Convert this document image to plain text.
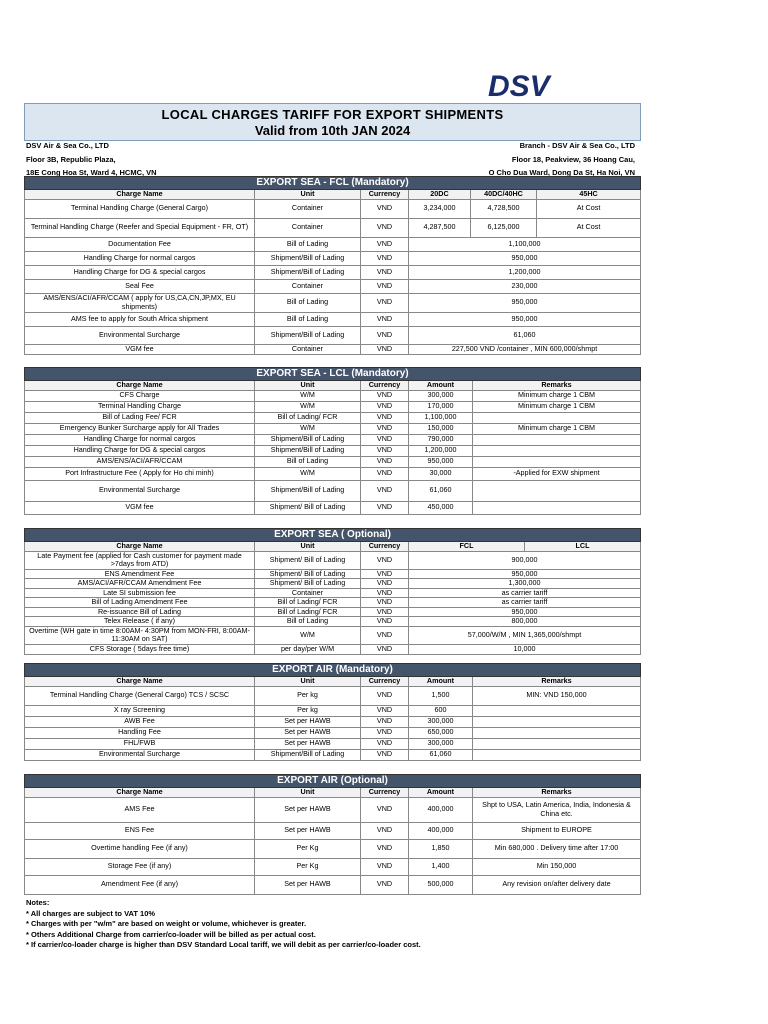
DSV
LOCAL CHARGES TARIFF FOR EXPORT SHIPMENTS
Valid from 10th JAN 2024
DSV Air & Sea Co., LTD
Floor 3B, Republic Plaza,
18E Cong Hoa St, Ward 4, HCMC, VN
Branch - DSV Air & Sea Co., LTD
Floor 18, Peakview, 36 Hoang Cau,
O Cho Dua Ward, Dong Da St, Ha Noi, VN
EXPORT SEA - FCL (Mandatory)					
Charge Name	Unit	Currency	20DC	40DC/40HC	45HC
Terminal Handling Charge (General Cargo)	Container	VND	3,234,000	4,728,500	At Cost
Terminal Handling Charge (Reefer and Special Equipment - FR, OT)	Container	VND	4,287,500	6,125,000	At Cost
Documentation Fee	Bill of Lading	VND	1,100,000		
Handling Charge for normal cargos	Shipment/Bill of Lading	VND	950,000		
Handling Charge for DG & special cargos	Shipment/Bill of Lading	VND	1,200,000		
Seal Fee	Container	VND	230,000		
AMS/ENS/ACI/AFR/CCAM ( apply for US,CA,CN,JP,MX, EU shipments)	Bill of Lading	VND	950,000		
AMS fee to apply for South Africa shipment	Bill of Lading	VND	950,000		
Environmental Surcharge	Shipment/Bill of Lading	VND	61,060		
VGM fee	Container	VND	227,500 VND /container , MIN 600,000/shmpt		
EXPORT SEA - LCL (Mandatory)				
Charge Name	Unit	Currency	Amount	Remarks
CFS Charge	W/M	VND	300,000	Minimum charge 1 CBM
Terminal Handling Charge	W/M	VND	170,000	Minimum charge 1 CBM
Bill of Lading Fee/ FCR	Bill of Lading/ FCR	VND	1,100,000	
Emergency Bunker Surcharge apply for All Trades	W/M	VND	150,000	Minimum charge 1 CBM
Handling Charge for normal cargos	Shipment/Bill of Lading	VND	790,000	
Handling Charge for DG & special cargos	Shipment/Bill of Lading	VND	1,200,000	
AMS/ENS/ACI/AFR/CCAM	Bill of Lading	VND	950,000	
Port Infrastructure Fee ( Apply for Ho chi minh)	W/M	VND	30,000	-Applied for EXW shipment
Environmental Surcharge	Shipment/Bill of Lading	VND	61,060	
VGM fee	Shipment/ Bill of Lading	VND	450,000	
EXPORT SEA ( Optional)				
Charge Name	Unit	Currency	FCL	LCL
Late Payment fee (applied for Cash customer for payment made >7days from ATD)	Shipment/ Bill of Lading	VND	900,000	
ENS Amendment Fee	Shipment/ Bill of Lading	VND	950,000	
AMS/ACI/AFR/CCAM Amendment Fee	Shipment/ Bill of Lading	VND	1,300,000	
Late SI submission fee	Container	VND	as carrier tariff	
Bill of Lading Amendment Fee	Bill of Lading/ FCR	VND	as carrier tariff	
Re-issuance Bill of Lading	Bill of Lading/ FCR	VND	950,000	
Telex Release ( if any)	Bill of Lading	VND	800,000	
Overtime (WH gate in time 8:00AM- 4:30PM from MON-FRI, 8:00AM- 11:30AM on SAT)	W/M	VND	57,000/W/M , MIN 1,365,000/shmpt	
CFS Storage ( 5days free time)	per day/per W/M	VND	10,000	
EXPORT AIR (Mandatory)				
Charge Name	Unit	Currency	Amount	Remarks
Terminal Handling Charge (General Cargo) TCS / SCSC	Per kg	VND	1,500	MIN: VND 150,000
X ray Screening	Per kg	VND	600	
AWB Fee	Set per HAWB	VND	300,000	
Handling Fee	Set per HAWB	VND	650,000	
FHL/FWB	Set per HAWB	VND	300,000	
Environmental Surcharge	Shipment/Bill of Lading	VND	61,060	
EXPORT AIR (Optional)				
Charge Name	Unit	Currency	Amount	Remarks
AMS Fee	Set per HAWB	VND	400,000	Shpt to USA, Latin America, India, Indonesia & China etc.
ENS Fee	Set per HAWB	VND	400,000	Shipment to EUROPE
Overtime handling Fee (if any)	Per Kg	VND	1,850	Min 680,000 . Delivery time after 17:00
Storage Fee (if any)	Per Kg	VND	1,400	Min 150,000
Amendment Fee (if any)	Set per HAWB	VND	500,000	Any revision on/after delivery date
Notes:
* All charges are subject to VAT 10%
* Charges with per "w/m" are based on weight or volume, whichever is greater.
* Others Additional Charge from carrier/co-loader will be billed as per actual cost.
* If carrier/co-loader charge is higher than DSV Standard Local tariff, we will debit as per carrier/co-loader cost.
